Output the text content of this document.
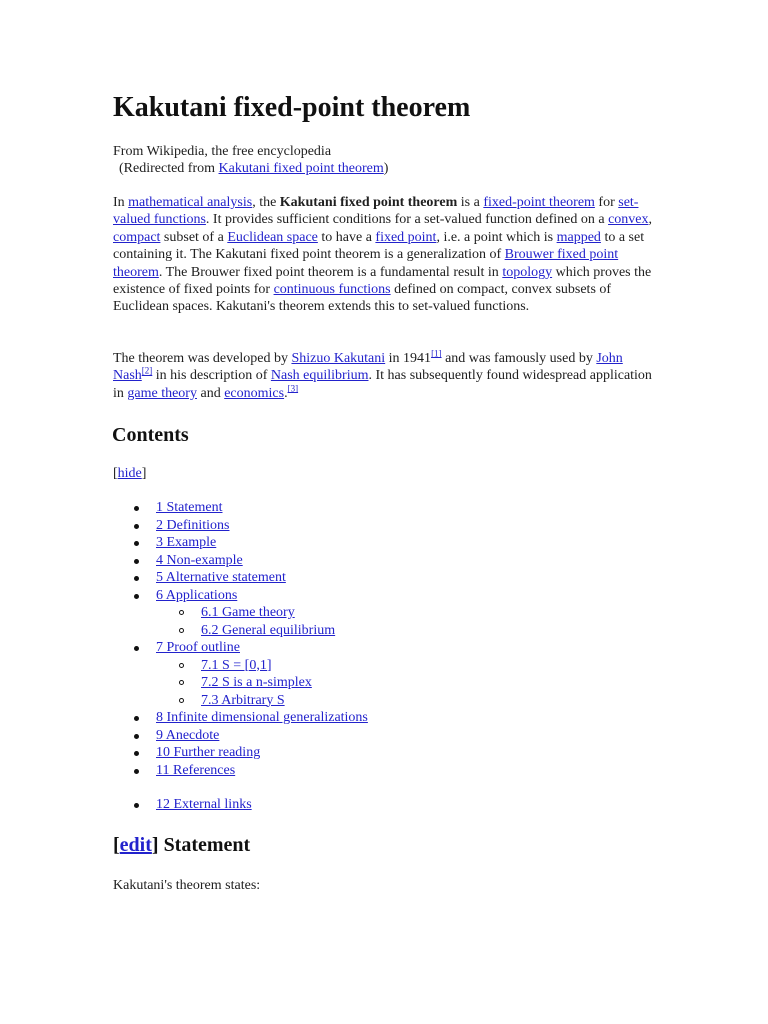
Kakutani fixed-point theorem
From Wikipedia, the free encyclopedia
(Redirected from Kakutani fixed point theorem)

In mathematical analysis, the Kakutani fixed point theorem is a fixed-point theorem for set-valued functions. It provides sufficient conditions for a set-valued function defined on a convex, compact subset of a Euclidean space to have a fixed point, i.e. a point which is mapped to a set containing it. The Kakutani fixed point theorem is a generalization of Brouwer fixed point theorem. The Brouwer fixed point theorem is a fundamental result in topology which proves the existence of fixed points for continuous functions defined on compact, convex subsets of Euclidean spaces. Kakutani's theorem extends this to set-valued functions.

The theorem was developed by Shizuo Kakutani in 1941[1] and was famously used by John Nash[2] in his description of Nash equilibrium. It has subsequently found widespread application in game theory and economics.[3]

Contents
[hide]
1 Statement
2 Definitions
3 Example
4 Non-example
5 Alternative statement
6 Applications
6.1 Game theory
6.2 General equilibrium
7 Proof outline
7.1 S = [0,1]
7.2 S is a n-simplex
7.3 Arbitrary S
8 Infinite dimensional generalizations
9 Anecdote
10 Further reading
11 References
12 External links
[edit] Statement
Kakutani's theorem states:
